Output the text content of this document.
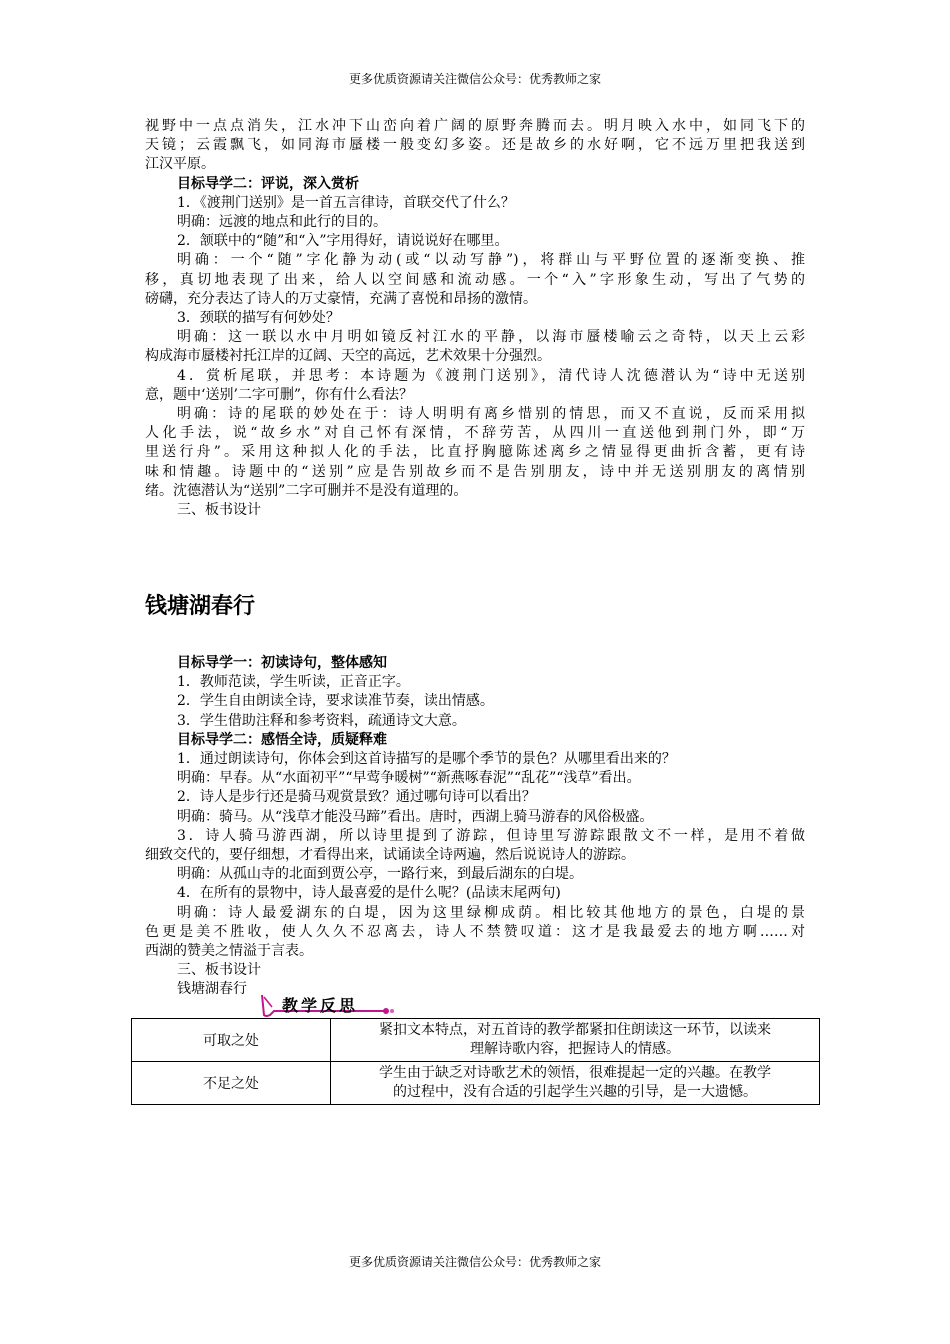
更多优质资源请关注微信公众号：优秀教师之家

视野中一点点消失，江水冲下山峦向着广阔的原野奔腾而去。明月映入水中，如同飞下的

天镜；云霞飘飞，如同海市蜃楼一般变幻多姿。还是故乡的水好啊，它不远万里把我送到

江汉平原。

目标导学二：评说，深入赏析

1．《渡荆门送别》是一首五言律诗，首联交代了什么？

明确：远渡的地点和此行的目的。

2．颔联中的“随”和“入”字用得好，请说说好在哪里。

明确：一个“随”字化静为动(或“以动写静”)，将群山与平野位置的逐渐变换、推

移，真切地表现了出来，给人以空间感和流动感。一个“入”字形象生动，写出了气势的

磅礴，充分表达了诗人的万丈豪情，充满了喜悦和昂扬的激情。

3．颈联的描写有何妙处？

明确：这一联以水中月明如镜反衬江水的平静，以海市蜃楼喻云之奇特，以天上云彩

构成海市蜃楼衬托江岸的辽阔、天空的高远，艺术效果十分强烈。

4．赏析尾联，并思考：本诗题为《渡荆门送别》，清代诗人沈德潜认为“诗中无送别

意，题中‘送别’二字可删”，你有什么看法？

明确：诗的尾联的妙处在于：诗人明明有离乡惜别的情思，而又不直说，反而采用拟

人化手法，说“故乡水”对自己怀有深情，不辞劳苦，从四川一直送他到荆门外，即“万

里送行舟”。采用这种拟人化的手法，比直抒胸臆陈述离乡之情显得更曲折含蓄，更有诗

味和情趣。诗题中的“送别”应是告别故乡而不是告别朋友，诗中并无送别朋友的离情别

绪。沈德潜认为“送别”二字可删并不是没有道理的。

三、板书设计

钱塘湖春行

目标导学一：初读诗句，整体感知

1．教师范读，学生听读，正音正字。

2．学生自由朗读全诗，要求读准节奏，读出情感。

3．学生借助注释和参考资料，疏通诗文大意。

目标导学二：感悟全诗，质疑释难

1．通过朗读诗句，你体会到这首诗描写的是哪个季节的景色？从哪里看出来的？

明确：早春。从“水面初平”“早莺争暖树”“新燕啄春泥”“乱花”“浅草”看出。

2．诗人是步行还是骑马观赏景致？通过哪句诗可以看出？

明确：骑马。从“浅草才能没马蹄”看出。唐时，西湖上骑马游春的风俗极盛。

3．诗人骑马游西湖，所以诗里提到了游踪，但诗里写游踪跟散文不一样，是用不着做

细致交代的，要仔细想，才看得出来，试诵读全诗两遍，然后说说诗人的游踪。

明确：从孤山寺的北面到贾公亭，一路行来，到最后湖东的白堤。

4．在所有的景物中，诗人最喜爱的是什么呢？(品读末尾两句)

明确：诗人最爱湖东的白堤，因为这里绿柳成荫。相比较其他地方的景色，白堤的景

色更是美不胜收，使人久久不忍离去，诗人不禁赞叹道：这才是我最爱去的地方啊……对

西湖的赞美之情溢于言表。

三、板书设计

钱塘湖春行

教学反思
可取之处	紧扣文本特点，对五首诗的教学都紧扣住朗读这一环节，以读来
理解诗歌内容，把握诗人的情感。

不足之处	学生由于缺乏对诗歌艺术的领悟，很难提起一定的兴趣。在教学
的过程中，没有合适的引起学生兴趣的引导，是一大遗憾。
更多优质资源请关注微信公众号：优秀教师之家
